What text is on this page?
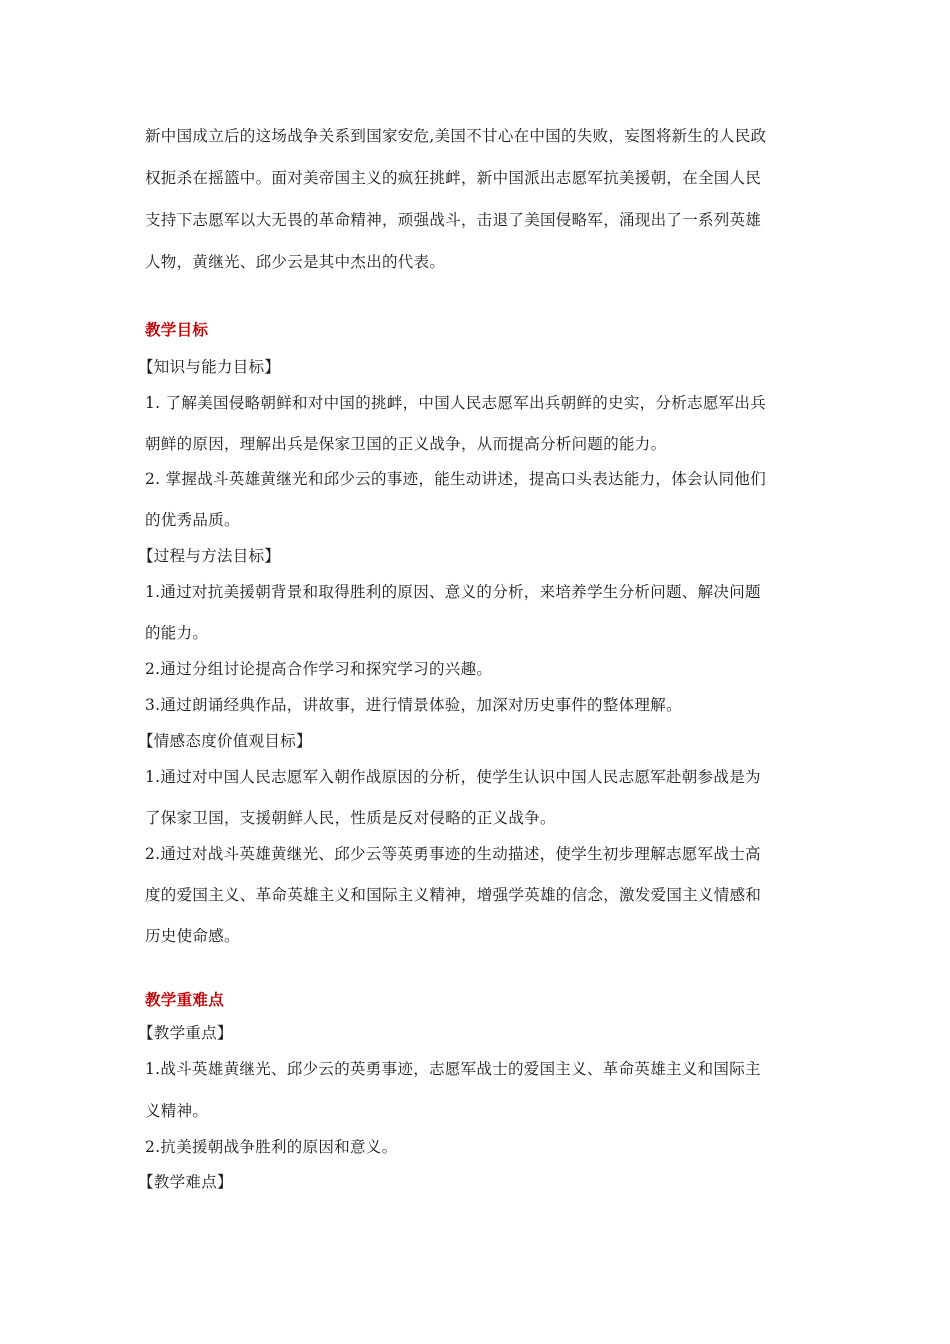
新中国成立后的这场战争关系到国家安危,美国不甘心在中国的失败，妄图将新生的人民政
权扼杀在摇篮中。面对美帝国主义的疯狂挑衅，新中国派出志愿军抗美援朝，在全国人民
支持下志愿军以大无畏的革命精神，顽强战斗，击退了美国侵略军，涌现出了一系列英雄
人物，黄继光、邱少云是其中杰出的代表。
教学目标
【知识与能力目标】
1. 了解美国侵略朝鲜和对中国的挑衅，中国人民志愿军出兵朝鲜的史实，分析志愿军出兵
朝鲜的原因，理解出兵是保家卫国的正义战争，从而提高分析问题的能力。
2. 掌握战斗英雄黄继光和邱少云的事迹，能生动讲述，提高口头表达能力，体会认同他们
的优秀品质。
【过程与方法目标】
1.通过对抗美援朝背景和取得胜利的原因、意义的分析，来培养学生分析问题、解决问题
的能力。
2.通过分组讨论提高合作学习和探究学习的兴趣。
3.通过朗诵经典作品，讲故事，进行情景体验，加深对历史事件的整体理解。
【情感态度价值观目标】
1.通过对中国人民志愿军入朝作战原因的分析，使学生认识中国人民志愿军赴朝参战是为
了保家卫国，支援朝鲜人民，性质是反对侵略的正义战争。
2.通过对战斗英雄黄继光、邱少云等英勇事迹的生动描述，使学生初步理解志愿军战士高
度的爱国主义、革命英雄主义和国际主义精神，增强学英雄的信念，激发爱国主义情感和
历史使命感。
教学重难点
【教学重点】
1.战斗英雄黄继光、邱少云的英勇事迹，志愿军战士的爱国主义、革命英雄主义和国际主
义精神。
2.抗美援朝战争胜利的原因和意义。
【教学难点】
